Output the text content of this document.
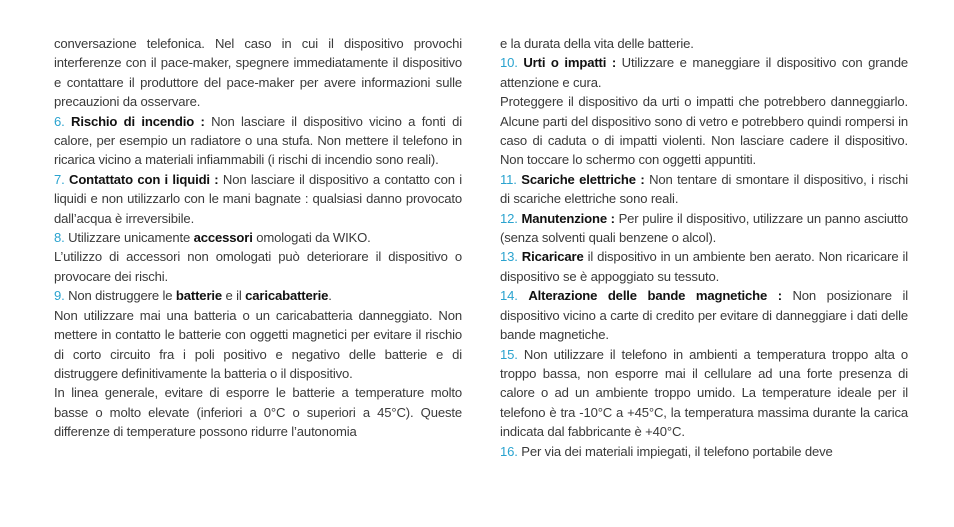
conversazione telefonica. Nel caso in cui il dispositivo provochi interferenze con il pace-maker, spegnere immediatamente il dispositivo e contattare il produttore del pace-maker per avere informazioni sulle precauzioni da osservare.

6. Rischio di incendio : Non lasciare il dispositivo vicino a fonti di calore, per esempio un radiatore o una stufa. Non mettere il telefono in ricarica vicino a materiali infiammabili (i rischi di incendio sono reali).

7. Contattato con i liquidi : Non lasciare il dispositivo a contatto con i liquidi e non utilizzarlo con le mani bagnate : qualsiasi danno provocato dall’acqua è irreversibile.

8. Utilizzare unicamente accessori omologati da WIKO.

L’utilizzo di accessori non omologati può deteriorare il dispositivo o provocare dei rischi.

9. Non distruggere le batterie e il caricabatterie.

Non utilizzare mai una batteria o un caricabatteria danneggiato. Non mettere in contatto le batterie con oggetti magnetici per evitare il rischio di corto circuito fra i poli positivo e negativo delle batterie e di distruggere definitivamente la batteria o il dispositivo.

In linea generale, evitare di esporre le batterie a temperature molto basse o molto elevate (inferiori a 0°C o superiori a 45°C). Queste differenze di temperature possono ridurre l’autonomia

e la durata della vita delle batterie.

10. Urti o impatti : Utilizzare e maneggiare il dispositivo con grande attenzione e cura.

Proteggere il dispositivo da urti o impatti che potrebbero danneggiarlo. Alcune parti del dispositivo sono di vetro e potrebbero quindi rompersi in caso di caduta o di impatti violenti. Non lasciare cadere il dispositivo. Non toccare lo schermo con oggetti appuntiti.

11. Scariche elettriche : Non tentare di smontare il dispositivo, i rischi di scariche elettriche sono reali.

12. Manutenzione : Per pulire il dispositivo, utilizzare un panno asciutto (senza solventi quali benzene o alcol).

13. Ricaricare il dispositivo in un ambiente ben aerato. Non ricaricare il dispositivo se è appoggiato su tessuto.

14. Alterazione delle bande magnetiche : Non posizionare il dispositivo vicino a carte di credito per evitare di danneggiare i dati delle bande magnetiche.

15. Non utilizzare il telefono in ambienti a temperatura troppo alta o troppo bassa, non esporre mai il cellulare ad una forte presenza di calore o ad un ambiente troppo umido. La temperature ideale per il telefono è tra -10°C a +45°C, la temperatura massima durante la carica indicata dal fabbricante è +40°C.

16. Per via dei materiali impiegati, il telefono portabile deve
